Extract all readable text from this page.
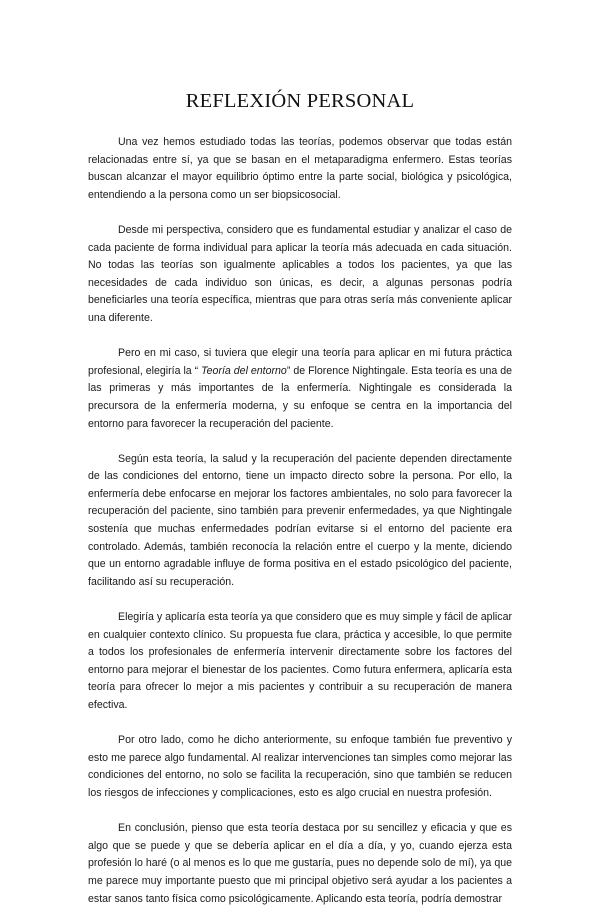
REFLEXIÓN PERSONAL

Una vez hemos estudiado todas las teorías, podemos observar que todas están relacionadas entre sí, ya que se basan en el metaparadigma enfermero. Estas teorías buscan alcanzar el mayor equilibrio óptimo entre la parte social, biológica y psicológica, entendiendo a la persona como un ser biopsicosocial.

Desde mi perspectiva, considero que es fundamental estudiar y analizar el caso de cada paciente de forma individual para aplicar la teoría más adecuada en cada situación. No todas las teorías son igualmente aplicables a todos los pacientes, ya que las necesidades de cada individuo son únicas, es decir, a algunas personas podría beneficiarles una teoría específica, mientras que para otras sería más conveniente aplicar una diferente.

Pero en mi caso, si tuviera que elegir una teoría para aplicar en mi futura práctica profesional, elegiría la “ Teoría del entorno” de Florence Nightingale. Esta teoría es una de las primeras y más importantes de la enfermería. Nightingale es considerada la precursora de la enfermería moderna, y su enfoque se centra en la importancia del entorno para favorecer la recuperación del paciente.

Según esta teoría, la salud y la recuperación del paciente dependen directamente de las condiciones del entorno, tiene un impacto directo sobre la persona. Por ello, la enfermería debe enfocarse en mejorar los factores ambientales, no solo para favorecer la recuperación del paciente, sino también para prevenir enfermedades, ya que Nightingale sostenía que muchas enfermedades podrían evitarse si el entorno del paciente era controlado. Además, también reconocía la relación entre el cuerpo y la mente, diciendo que un entorno agradable influye de forma positiva en el estado psicológico del paciente, facilitando así su recuperación.

Elegiría y aplicaría esta teoría ya que considero que es muy simple y fácil de aplicar en cualquier contexto clínico. Su propuesta fue clara, práctica y accesible, lo que permite a todos los profesionales de enfermería intervenir directamente sobre los factores del entorno para mejorar el bienestar de los pacientes. Como futura enfermera, aplicaría esta teoría para ofrecer lo mejor a mis pacientes y contribuir a su recuperación de manera efectiva.

Por otro lado, como he dicho anteriormente, su enfoque también fue preventivo y esto me parece algo fundamental. Al realizar intervenciones tan simples como mejorar las condiciones del entorno, no solo se facilita la recuperación, sino que también se reducen los riesgos de infecciones y complicaciones, esto es algo crucial en nuestra profesión.

En conclusión, pienso que esta teoría destaca por su sencillez y eficacia y que es algo que se puede y que se debería aplicar en el día a día, y yo, cuando ejerza esta profesión lo haré (o al menos es lo que me gustaría, pues no depende solo de mí), ya que me parece muy importante puesto que mi principal objetivo será ayudar a los pacientes a estar sanos tanto física como psicológicamente. Aplicando esta teoría, podría demostrar
